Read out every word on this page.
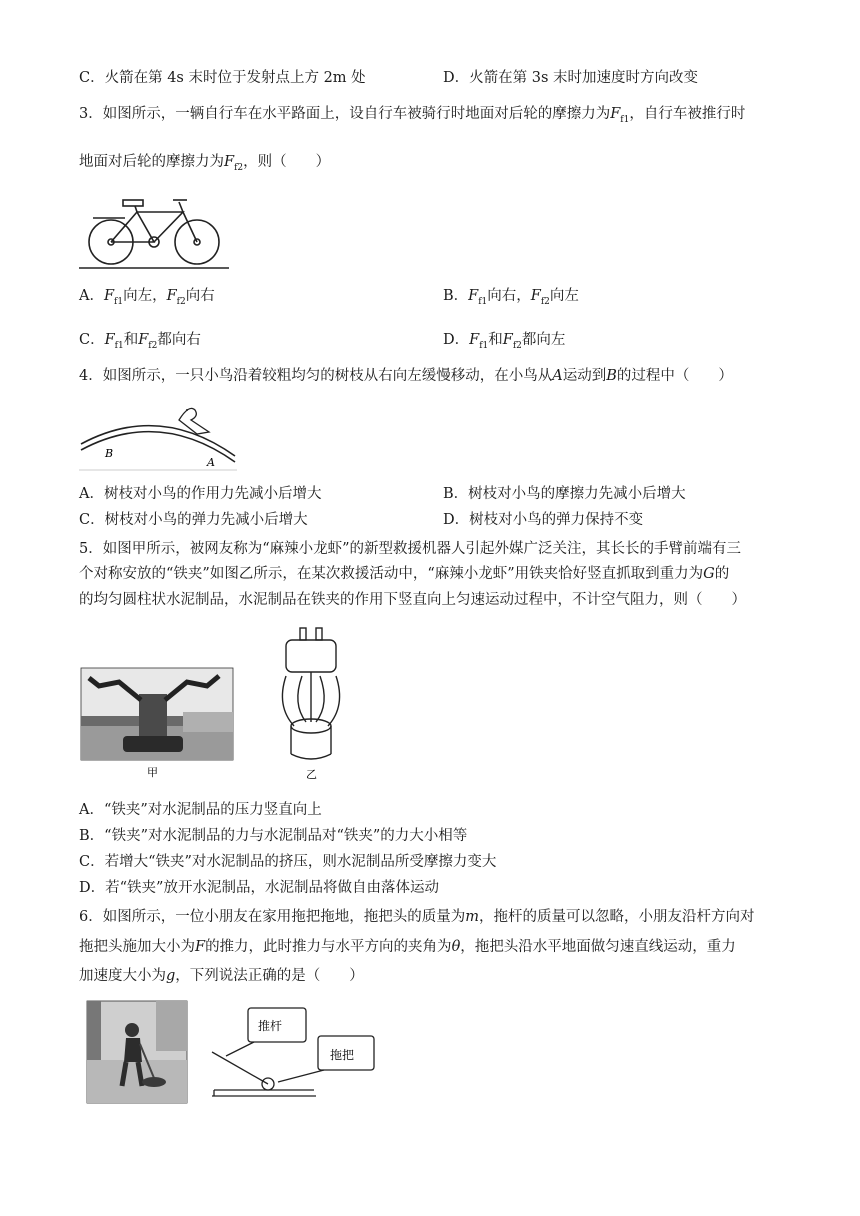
C．火箭在第 4s 末时位于发射点上方 2m 处	D．火箭在第 3s 末时加速度时方向改变
3．如图所示，一辆自行车在水平路面上，设自行车被骑行时地面对后轮的摩擦力为$F_{f1}$，自行车被推行时
地面对后轮的摩擦力为$F_{f2}$，则（　　）
A．$F_{f1}$向左，$F_{f2}$向右	B．$F_{f1}$向右，$F_{f2}$向左
C．$F_{f1}$和$F_{f2}$都向右	D．$F_{f1}$和$F_{f2}$都向左
4．如图所示，一只小鸟沿着较粗均匀的树枝从右向左缓慢移动，在小鸟从A运动到B的过程中（　　）
B
A
A．树枝对小鸟的作用力先减小后增大	B．树枝对小鸟的摩擦力先减小后增大
C．树枝对小鸟的弹力先减小后增大	D．树枝对小鸟的弹力保持不变
5．如图甲所示，被网友称为“麻辣小龙虾”的新型救援机器人引起外媒广泛关注，其长长的手臂前端有三
个对称安放的“铁夹”如图乙所示，在某次救援活动中，“麻辣小龙虾”用铁夹恰好竖直抓取到重力为G的
的均匀圆柱状水泥制品，水泥制品在铁夹的作用下竖直向上匀速运动过程中，不计空气阻力，则（　　）
甲	乙
A．“铁夹”对水泥制品的压力竖直向上
B．“铁夹”对水泥制品的力与水泥制品对“铁夹”的力大小相等
C．若增大“铁夹”对水泥制品的挤压，则水泥制品所受摩擦力变大
D．若“铁夹”放开水泥制品，水泥制品将做自由落体运动
6．如图所示，一位小朋友在家用拖把拖地，拖把头的质量为m，拖杆的质量可以忽略，小朋友沿杆方向对
拖把头施加大小为F的推力，此时推力与水平方向的夹角为θ，拖把头沿水平地面做匀速直线运动，重力
加速度大小为g，下列说法正确的是（　　）
推杆
拖把
